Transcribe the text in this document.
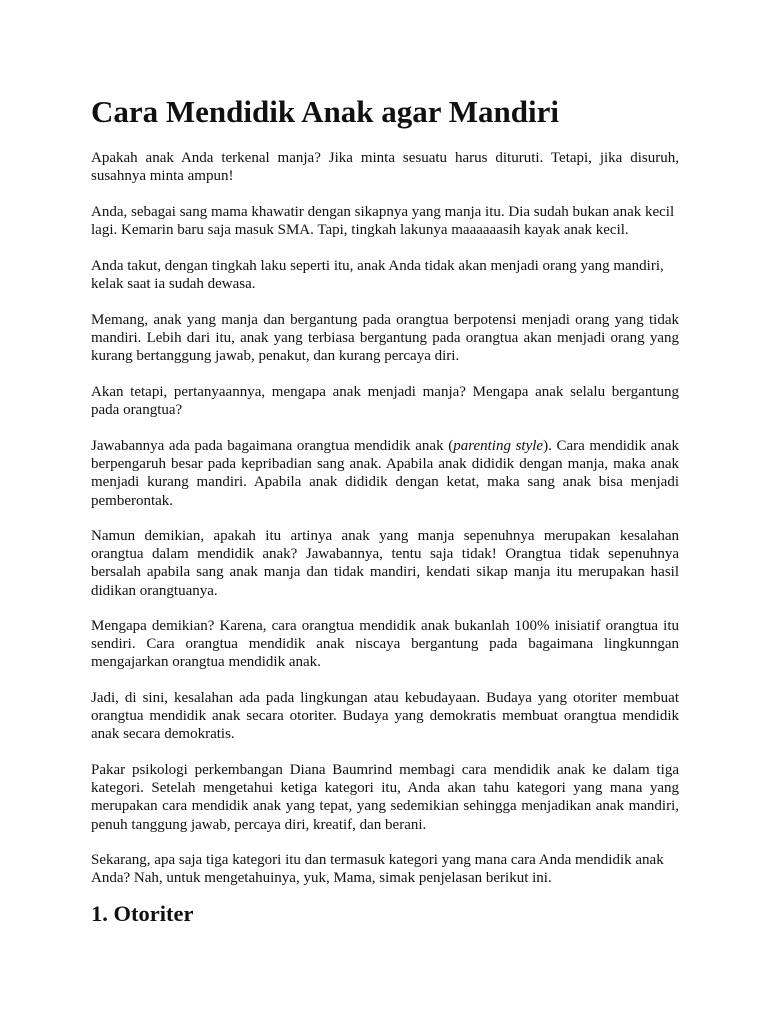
Cara Mendidik Anak agar Mandiri

Apakah anak Anda terkenal manja? Jika minta sesuatu harus dituruti. Tetapi, jika disuruh, susahnya minta ampun!

Anda, sebagai sang mama khawatir dengan sikapnya yang manja itu. Dia sudah bukan anak kecil lagi. Kemarin baru saja masuk SMA. Tapi, tingkah lakunya maaaaaasih kayak anak kecil.

Anda takut, dengan tingkah laku seperti itu, anak Anda tidak akan menjadi orang yang mandiri, kelak saat ia sudah dewasa.

Memang, anak yang manja dan bergantung pada orangtua berpotensi menjadi orang yang tidak mandiri. Lebih dari itu, anak yang terbiasa bergantung pada orangtua akan menjadi orang yang kurang bertanggung jawab, penakut, dan kurang percaya diri.

Akan tetapi, pertanyaannya, mengapa anak menjadi manja? Mengapa anak selalu bergantung pada orangtua?

Jawabannya ada pada bagaimana orangtua mendidik anak (parenting style). Cara mendidik anak berpengaruh besar pada kepribadian sang anak. Apabila anak dididik dengan manja, maka anak menjadi kurang mandiri. Apabila anak dididik dengan ketat, maka sang anak bisa menjadi pemberontak.

Namun demikian, apakah itu artinya anak yang manja sepenuhnya merupakan kesalahan orangtua dalam mendidik anak? Jawabannya, tentu saja tidak! Orangtua tidak sepenuhnya bersalah apabila sang anak manja dan tidak mandiri, kendati sikap manja itu merupakan hasil didikan orangtuanya.

Mengapa demikian? Karena, cara orangtua mendidik anak bukanlah 100% inisiatif orangtua itu sendiri. Cara orangtua mendidik anak niscaya bergantung pada bagaimana lingkunngan mengajarkan orangtua mendidik anak.

Jadi, di sini, kesalahan ada pada lingkungan atau kebudayaan. Budaya yang otoriter membuat orangtua mendidik anak secara otoriter. Budaya yang demokratis membuat orangtua mendidik anak secara demokratis.

Pakar psikologi perkembangan Diana Baumrind membagi cara mendidik anak ke dalam tiga kategori. Setelah mengetahui ketiga kategori itu, Anda akan tahu kategori yang mana yang merupakan cara mendidik anak yang tepat, yang sedemikian sehingga menjadikan anak mandiri, penuh tanggung jawab, percaya diri, kreatif, dan berani.

Sekarang, apa saja tiga kategori itu dan termasuk kategori yang mana cara Anda mendidik anak Anda? Nah, untuk mengetahuinya, yuk, Mama, simak penjelasan berikut ini.

1. Otoriter
